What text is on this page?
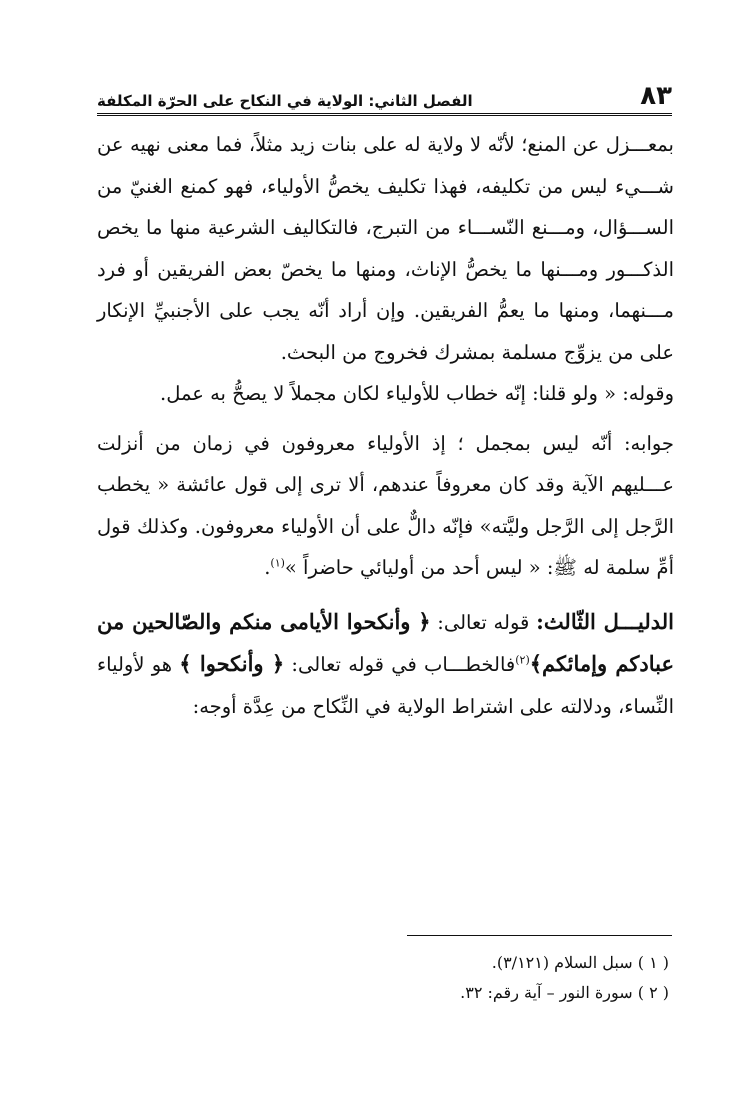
٨٣
الفصل الثاني: الولاية في النكاح على الحرّة المكلفة

بمعـــزل عن المنع؛ لأنّه لا ولاية له على بنات زيد مثلاً، فما معنى نهيه عن شـــيء ليس من تكليفه، فهذا تكليف يخصُّ الأولياء، فهو كمنع الغنيّ من الســـؤال، ومـــنع النّســـاء من التبرج، فالتكاليف الشرعية منها ما يخص الذكـــور ومـــنها ما يخصُّ الإناث، ومنها ما يخصّ بعض الفريقين أو فرد مـــنهما، ومنها ما يعمُّ الفريقين. وإن أراد أنّه يجب على الأجنبيِّ الإنكار على من يزوِّج مسلمة بمشرك فخروج من البحث.

وقوله: « ولو قلنا: إنّه خطاب للأولياء لكان مجملاً لا يصحُّ به عمل.

جوابه: أنّه ليس بمجمل ؛ إذ الأولياء معروفون في زمان من أنزلت عـــليهم الآية وقد كان معروفاً عندهم، ألا ترى إلى قول عائشة « يخطب الرَّجل إلى الرَّجل وليَّته» فإنّه دالٌّ على أن الأولياء معروفون. وكذلك قول أمِّ سلمة له ﷺ: « ليس أحد من أوليائي حاضراً »$^{(١)}$.

الدليـــل الثّالث: قوله تعالى: ﴿ وأنكحوا الأيامى منكم والصّالحين من عبادكم وإمائكم﴾$^{(٢)}$فالخطـــاب في قوله تعالى: ﴿ وأنكحوا ﴾ هو لأولياء النِّساء، ودلالته على اشتراط الولاية في النِّكاح من عِدَّة أوجه:

( ١ ) سبل السلام (٣/١٢١).
( ٢ ) سورة النور – آية رقم: ٣٢.
